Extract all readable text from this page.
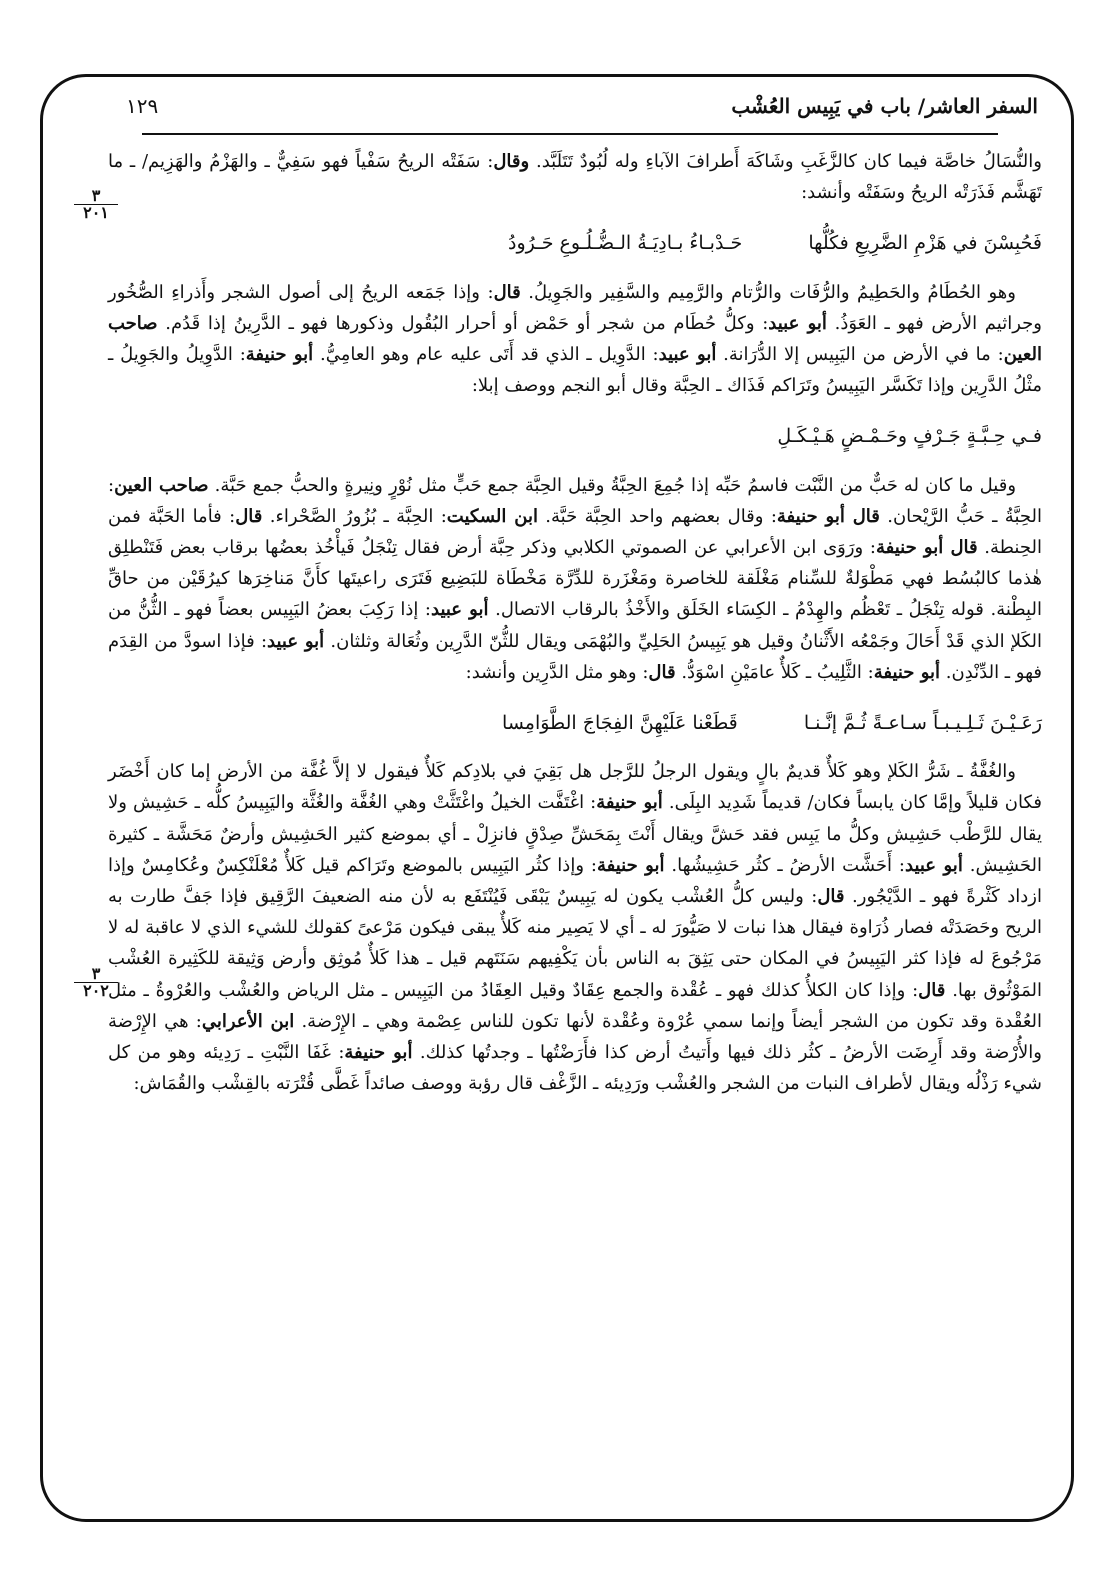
السفر العاشر/ باب في يَبِيس العُشْب
١٢٩
٣
٢٠١
٣
٢٠٢

والنُّسَالُ خاصَّة فيما كان كالزَّغَبِ وشَاكَهَ أَطرافَ الآباءِ وله لُبُودٌ تَتَلَبَّد. وقال: سَفَتْه الريحُ سَفْياً فهو سَفِيٌّ ـ والهَزْمُ والهَزِيم/ ـ ما تَهَشَّم فَذَرَتْه الريحُ وسَفَتْه وأنشد:

فَحُبِسْنَ في هَزْمِ الضَّرِيعِ فكُلُّها حَـدْبـاءُ بـادِيَـةُ الـضُّـلُـوعِ حَـرُودُ

وهو الحُطَامُ والحَطِيمُ والرُّفَات والرُّتام والرَّمِيم والسَّفِير والجَوِيلُ. قال: وإذا جَمَعه الريحُ إلى أصول الشجر وأَذراءِ الصُّخُور وجراثيم الأرض فهو ـ العَوَذُ. أبو عبيد: وكلُّ حُطَام من شجر أو حَمْض أو أحرار البُقُول وذكورها فهو ـ الدَّرِينُ إذا قَدُم. صاحب العين: ما في الأرض من اليَبِيس إلا الدُّرَانة. أبو عبيد: الدَّوِيل ـ الذي قد أَتَى عليه عام وهو العامِيُّ. أبو حنيفة: الدَّوِيلُ والجَوِيلُ ـ مثْلُ الدَّرِين وإذا تَكَسَّر اليَبِيسُ وتَرَاكم فَذَاك ـ الحِبَّة وقال أبو النجم ووصف إبلا:

فـي حِـبَّـةٍ جَـرْفٍ وحَـمْـضٍ هَـيْـكَـلِ

وقيل ما كان له حَبٌّ من النَّبْت فاسمُ حَبِّه إذا جُمِعَ الحِبَّةُ وقيل الحِبَّة جمع حَبٍّ مثل نُوْرٍ ونِيرةٍ والحبُّ جمع حَبَّة. صاحب العين: الحِبَّةُ ـ حَبُّ الرَّيْحان. قال أبو حنيفة: وقال بعضهم واحد الحِبَّة حَبَّة. ابن السكيت: الحِبَّة ـ بُزُورُ الصَّحْراء. قال: فأما الحَبَّة فمن الحِنطة. قال أبو حنيفة: ورَوَى ابن الأعرابي عن الصموتي الكلابي وذكر حِبَّة أرض فقال تِنْجَلُ فَيأْخُذ بعضُها برقاب بعض فَتَنْطلِق هٰذما كالبُسُط فهي مَطْوَلةٌ للسِّنام مَغْلَقة للخاصرة ومَغْزَرة للدِّرَّة مَخْطَاة للبَضِيع فَتَرَى راعيتَها كأَنَّ مَناخِرَها كيرُقَيْن من حاقِّ البِطْنة. قوله تِنْجَلُ ـ تَعْظُم والهِدْمُ ـ الكِسَاء الخَلَق والأَخْذُ بالرقاب الاتصال. أبو عبيد: إذا رَكِبَ بعضُ اليَبِيس بعضاً فهو ـ الثُّنُّ من الكَلإ الذي قَدْ أَحَالَ وجَمْعُه الأَثْنانُ وقيل هو يَبِيسُ الحَلِيِّ والبُهْمَى ويقال للثُّنّ الدَّرِين وثُعَالة وثلثان. أبو عبيد: فإذا اسودَّ من القِدَم فهو ـ الدِّنْدِن. أبو حنيفة: الثَّلِيبُ ـ كَلأٌ عامَيْنِ اسْوَدُّ. قال: وهو مثل الدَّرِين وأنشد:

رَعَـيْـنَ ثَـلِـيـبـاً سـاعـةً ثُـمَّ إنَّـنـا قَطَعْنا عَلَيْهِنَّ الفِجَاجَ الطَّوَامِسا

والغُفَّةُ ـ شَرُّ الكَلإ وهو كَلأٌ قديمٌ بالٍ ويقول الرجلُ للرَّجل هل بَقِيَ في بلادِكم كَلأٌ فيقول لا إلاَّ غُفَّة من الأرض إما كان أَخْضَر فكان قليلاً وإمَّا كان يابساً فكان/ قديماً شَدِيد البِلَى. أبو حنيفة: اغْتَفَّت الخيلُ واغْتَثَّتْ وهي الغُفَّة والغُثَّة واليَبِيسُ كلُّه ـ حَشِيش ولا يقال للرَّطْب حَشِيش وكلُّ ما يَبِس فقد حَشَّ ويقال أَنْتَ بِمَحَشِّ صِدْقٍ فانزِلْ ـ أي بموضع كثير الحَشِيش وأرضٌ مَحَشَّة ـ كثيرة الحَشِيش. أبو عبيد: أَحَشَّت الأرضُ ـ كثُر حَشِيشُها. أبو حنيفة: وإذا كثُر اليَبِيس بالموضع وتَرَاكم قيل كَلأٌ مُعْلَنْكِسٌ وعُكامِسٌ وإذا ازداد كَثْرةً فهو ـ الدَّيْجُور. قال: وليس كلُّ العُشْب يكون له يَبِيسٌ يَبْقَى فَيُنْتَفَع به لأن منه الضعيفَ الرَّقِيق فإذا جَفَّ طارت به الريح وحَصَدَتْه فصار ذُرَاوة فيقال هذا نبات لا صَيُّورَ له ـ أي لا يَصِير منه كَلأٌ يبقى فيكون مَرْعىً كقولك للشيء الذي لا عاقبة له لا مَرْجُوعَ له فإذا كثر اليَبِيسُ في المكان حتى يَثِقَ به الناس بأن يَكْفِيهم سَنَتَهم قيل ـ هذا كَلأٌ مُوثِق وأرض وَثِيقة للكَثِيرة العُشْب المَوْثُوق بها. قال: وإذا كان الكلأُ كذلك فهو ـ عُقْدة والجمع عِقَادٌ وقيل العِقَادُ من اليَبِيس ـ مثل الرياض والعُشْب والعُرْوةُ ـ مثل العُقْدة وقد تكون من الشجر أيضاً وإنما سمي عُرْوة وعُقْدة لأنها تكون للناس عِصْمة وهي ـ الإِرْضة. ابن الأعرابي: هي الإِرْضة والأُرْضة وقد أَرِضَت الأرضُ ـ كثُر ذلك فيها وأَتيتُ أرض كذا فأَرَضْتُها ـ وجدتُها كذلك. أبو حنيفة: غَفَا النَّبْتِ ـ رَدِيئه وهو من كل شيء رَذْلُه ويقال لأطراف النبات من الشجر والعُشْب ورَدِيئه ـ الزَّغْف قال رؤبة ووصف صائداً غَطَّى قُتْرَته بالقِشْب والقُمَاش:
